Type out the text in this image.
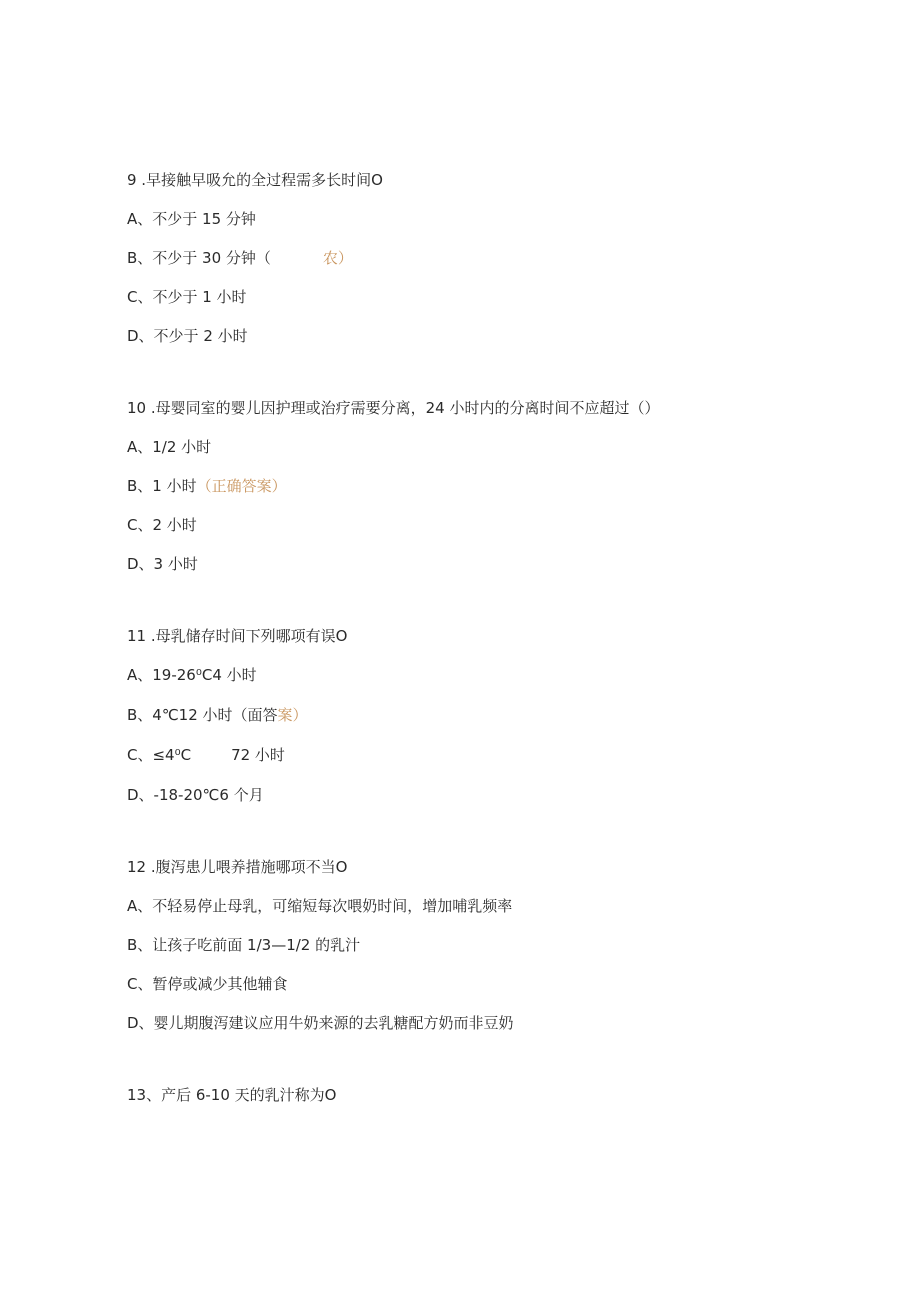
9 .早接触早吸允的全过程需多长时间O
A、不少于 15 分钟
B、不少于 30 分钟（	农）
C、不少于 1 小时
D、不少于 2 小时
10 .母婴同室的婴儿因护理或治疗需要分离，24 小时内的分离时间不应超过（）
A、1/2 小时
B、1 小时（正确答案）
C、2 小时
D、3 小时
11 .母乳储存时间下列哪项有误O
A、19-26⁰C4 小时
B、4℃12 小时（面答案）
C、≤4⁰C	72 小时
D、-18-20℃6 个月
12 .腹泻患儿喂养措施哪项不当O
A、不轻易停止母乳，可缩短每次喂奶时间，增加哺乳频率
B、让孩子吃前面 1/3—1/2 的乳汁
C、暂停或减少其他辅食
D、婴儿期腹泻建议应用牛奶来源的去乳糖配方奶而非豆奶
13、产后 6-10 天的乳汁称为O
